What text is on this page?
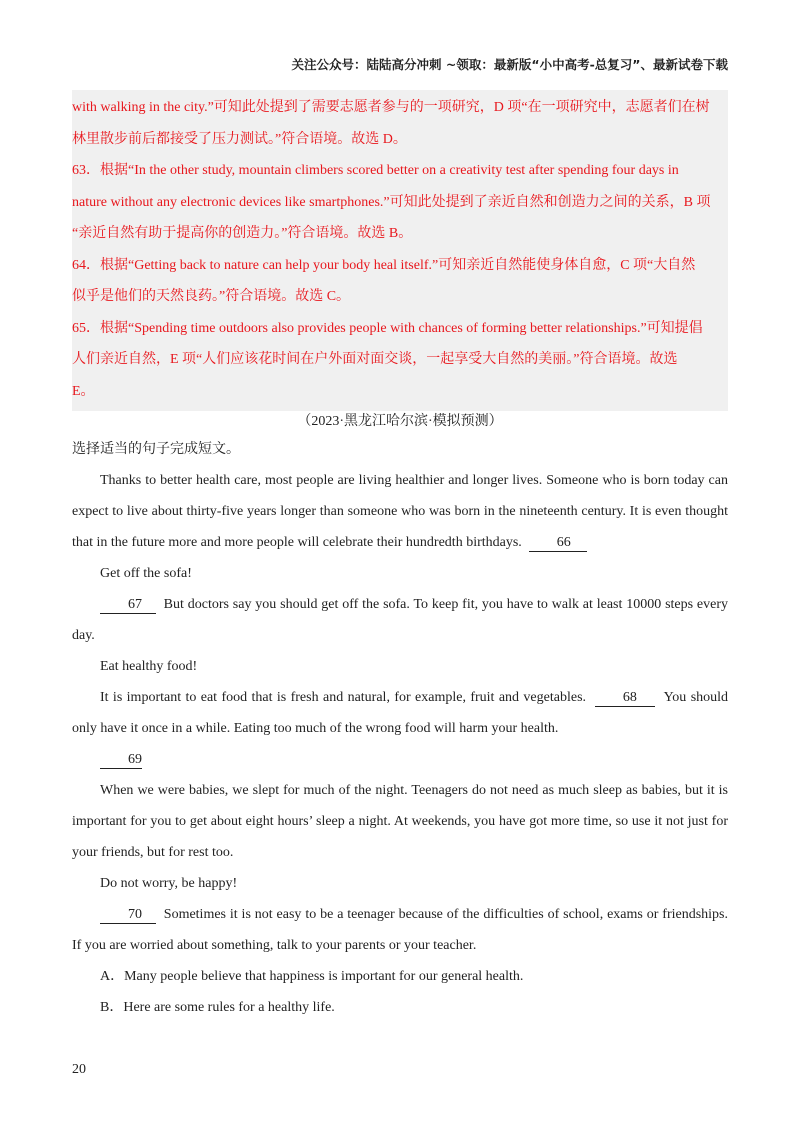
关注公众号：陆陆高分冲刺 ~领取：最新版“小中高考-总复习”、最新试卷下载

with walking in the city.”可知此处提到了需要志愿者参与的一项研究，D 项“在一项研究中，志愿者们在树

林里散步前后都接受了压力测试。”符合语境。故选 D。

63．根据“In the other study, mountain climbers scored better on a creativity test after spending four days in

nature without any electronic devices like smartphones.”可知此处提到了亲近自然和创造力之间的关系，B 项

“亲近自然有助于提高你的创造力。”符合语境。故选 B。

64．根据“Getting back to nature can help your body heal itself.”可知亲近自然能使身体自愈，C 项“大自然

似乎是他们的天然良药。”符合语境。故选 C。

65．根据“Spending time outdoors also provides people with chances of forming better relationships.”可知提倡

人们亲近自然，E 项“人们应该花时间在户外面对面交谈，一起享受大自然的美丽。”符合语境。故选

E。

（2023·黑龙江哈尔滨·模拟预测）

选择适当的句子完成短文。

Thanks to better health care, most people are living healthier and longer lives. Someone who is born today can expect to live about thirty-five years longer than someone who was born in the nineteenth century. It is even thought that in the future more and more people will celebrate their hundredth birthdays.	66

Get off the sofa!

67 But doctors say you should get off the sofa. To keep fit, you have to walk at least 10000 steps every day.

Eat healthy food!

It is important to eat food that is fresh and natural, for example, fruit and vegetables.	68 You should only have it once in a while. Eating too much of the wrong food will harm your health.

69

When we were babies, we slept for much of the night. Teenagers do not need as much sleep as babies, but it is important for you to get about eight hours’ sleep a night. At weekends, you have got more time, so use it not just for your friends, but for rest too.

Do not worry, be happy!

70 Sometimes it is not easy to be a teenager because of the difficulties of school, exams or friendships. If you are worried about something, talk to your parents or your teacher.

A．Many people believe that happiness is important for our general health.

B．Here are some rules for a healthy life.

20
